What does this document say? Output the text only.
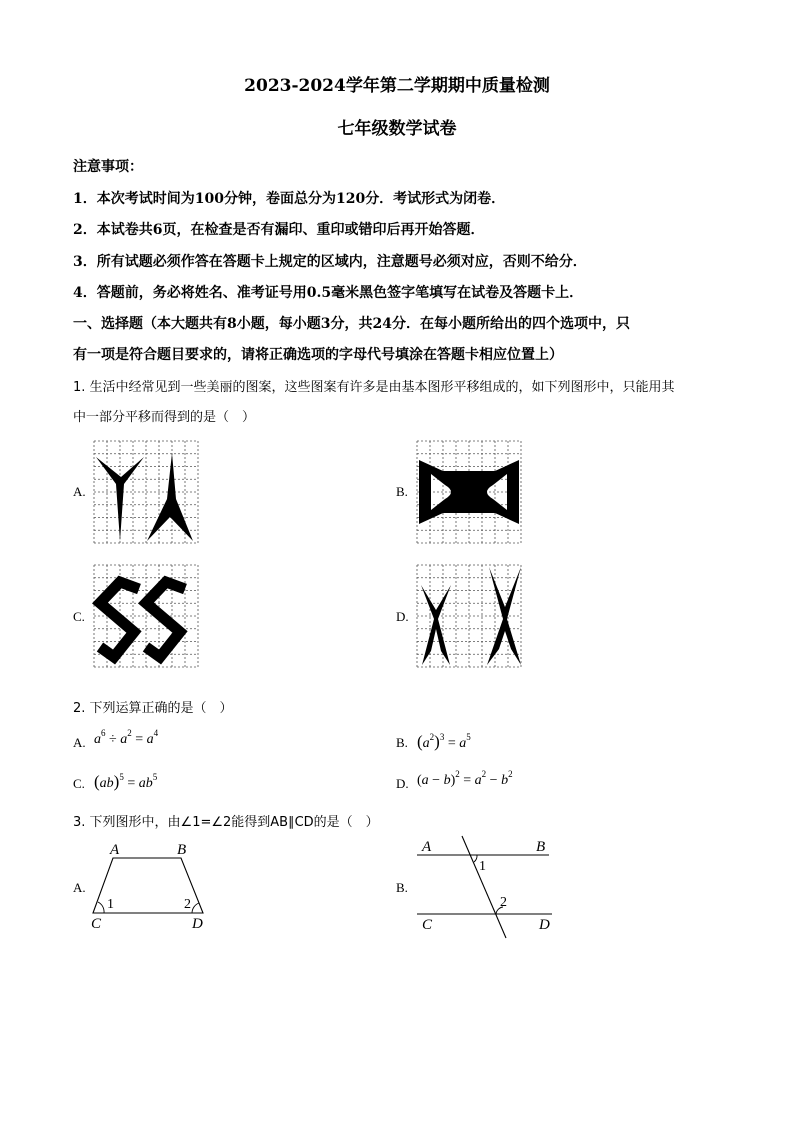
2023-2024学年第二学期期中质量检测
七年级数学试卷
注意事项：
1．本次考试时间为100分钟，卷面总分为120分．考试形式为闭卷．
2．本试卷共6页，在检查是否有漏印、重印或错印后再开始答题．
3．所有试题必须作答在答题卡上规定的区域内，注意题号必须对应，否则不给分．
4．答题前，务必将姓名、准考证号用0.5毫米黑色签字笔填写在试卷及答题卡上．
一、选择题（本大题共有8小题，每小题3分，共24分．在每小题所给出的四个选项中，只
有一项是符合题目要求的，请将正确选项的字母代号填涂在答题卡相应位置上）
1. 生活中经常见到一些美丽的图案，这些图案有许多是由基本图形平移组成的，如下列图形中，只能用其
中一部分平移而得到的是（　）
A.	B.
C.	D.
2. 下列运算正确的是（　）
A. $a^6 \div a^2 = a^4$
B. $(a^2)^3 = a^5$
C. $(ab)^5 = ab^5$	D. $(a - b)^2 = a^2 - b^2$
3. 下列图形中，由∠1=∠2能得到AB∥CD的是（　）
A.	B.
A	B
C	D
1	2
A	B
C	D
1
2
